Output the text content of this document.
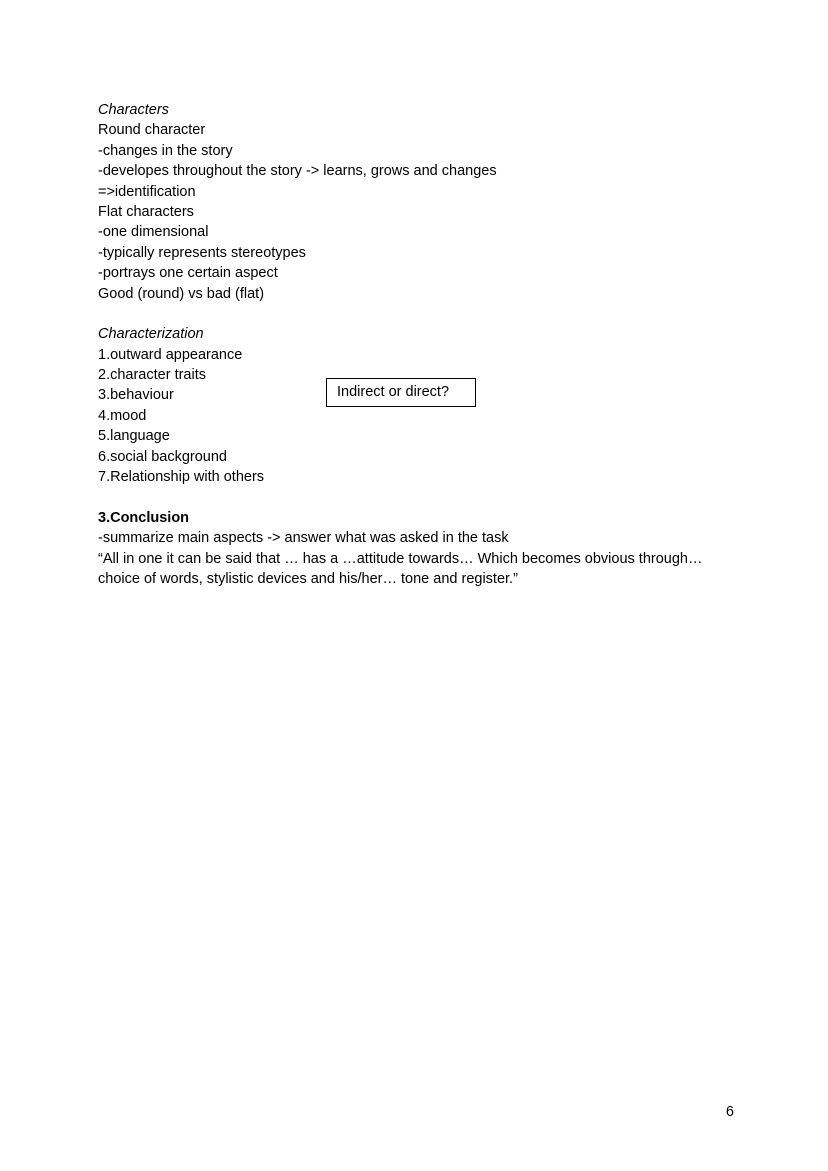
Characters
Round character
-changes in the story
-developes throughout the story -> learns, grows and changes
=>identification
Flat characters
-one dimensional
-typically represents stereotypes
-portrays one certain aspect
Good (round) vs bad (flat)
Characterization
1.outward appearance
2.character traits
3.behaviour
4.mood
5.language
6.social background
7.Relationship with others
3.Conclusion
-summarize main aspects -> answer what was asked in the task
“All in one it can be said that … has a …attitude towards… Which becomes obvious through…
choice of words, stylistic devices and his/her… tone and register.”
Indirect or direct?
6
